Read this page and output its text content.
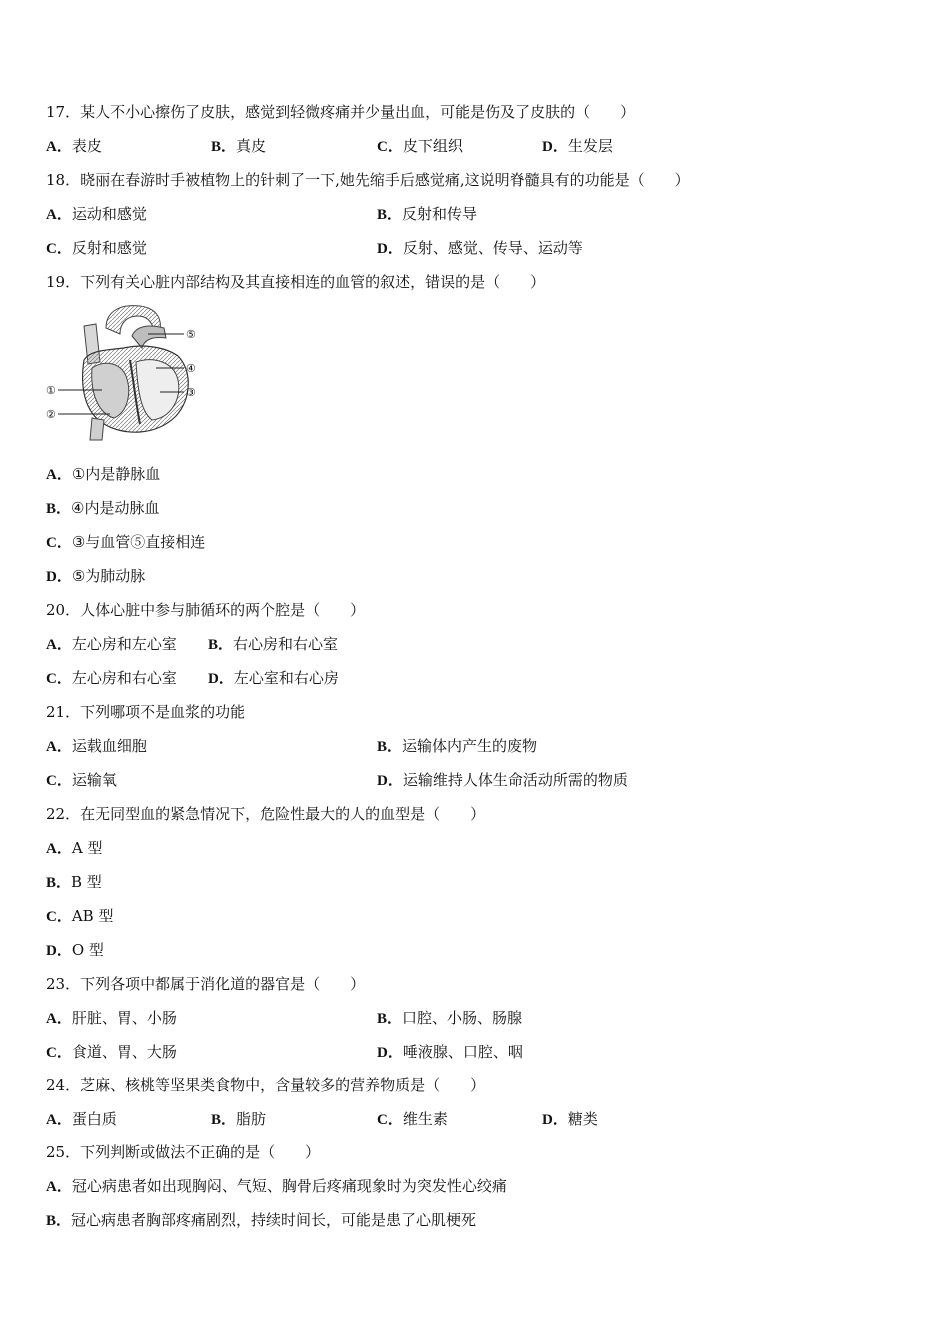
17．某人不小心擦伤了皮肤，感觉到轻微疼痛并少量出血，可能是伤及了皮肤的（　　）
A．表皮	B．真皮	C．皮下组织	D．生发层
18．晓丽在春游时手被植物上的针刺了一下,她先缩手后感觉痛,这说明脊髓具有的功能是（　　）
A．运动和感觉	B．反射和传导
C．反射和感觉	D．反射、感觉、传导、运动等
19．下列有关心脏内部结构及其直接相连的血管的叙述，错误的是（　　）
⑤
④
③
①
②
A．①内是静脉血
B．④内是动脉血
C．③与血管⑤直接相连
D．⑤为肺动脉
20．人体心脏中参与肺循环的两个腔是（　　）
A．左心房和左心室 B．右心房和右心室
C．左心房和右心室 D．左心室和右心房
21．下列哪项不是血浆的功能
A．运载血细胞	B．运输体内产生的废物
C．运输氧	D．运输维持人体生命活动所需的物质
22．在无同型血的紧急情况下，危险性最大的人的血型是（　　）
A．A 型
B．B 型
C．AB 型
D．O 型
23．下列各项中都属于消化道的器官是（　　）
A．肝脏、胃、小肠	B．口腔、小肠、肠腺
C．食道、胃、大肠	D．唾液腺、口腔、咽
24．芝麻、核桃等坚果类食物中，含量较多的营养物质是（　　）
A．蛋白质	B．脂肪	C．维生素	D．糖类
25．下列判断或做法不正确的是（　　）
A．冠心病患者如出现胸闷、气短、胸骨后疼痛现象时为突发性心绞痛
B．冠心病患者胸部疼痛剧烈，持续时间长，可能是患了心肌梗死
